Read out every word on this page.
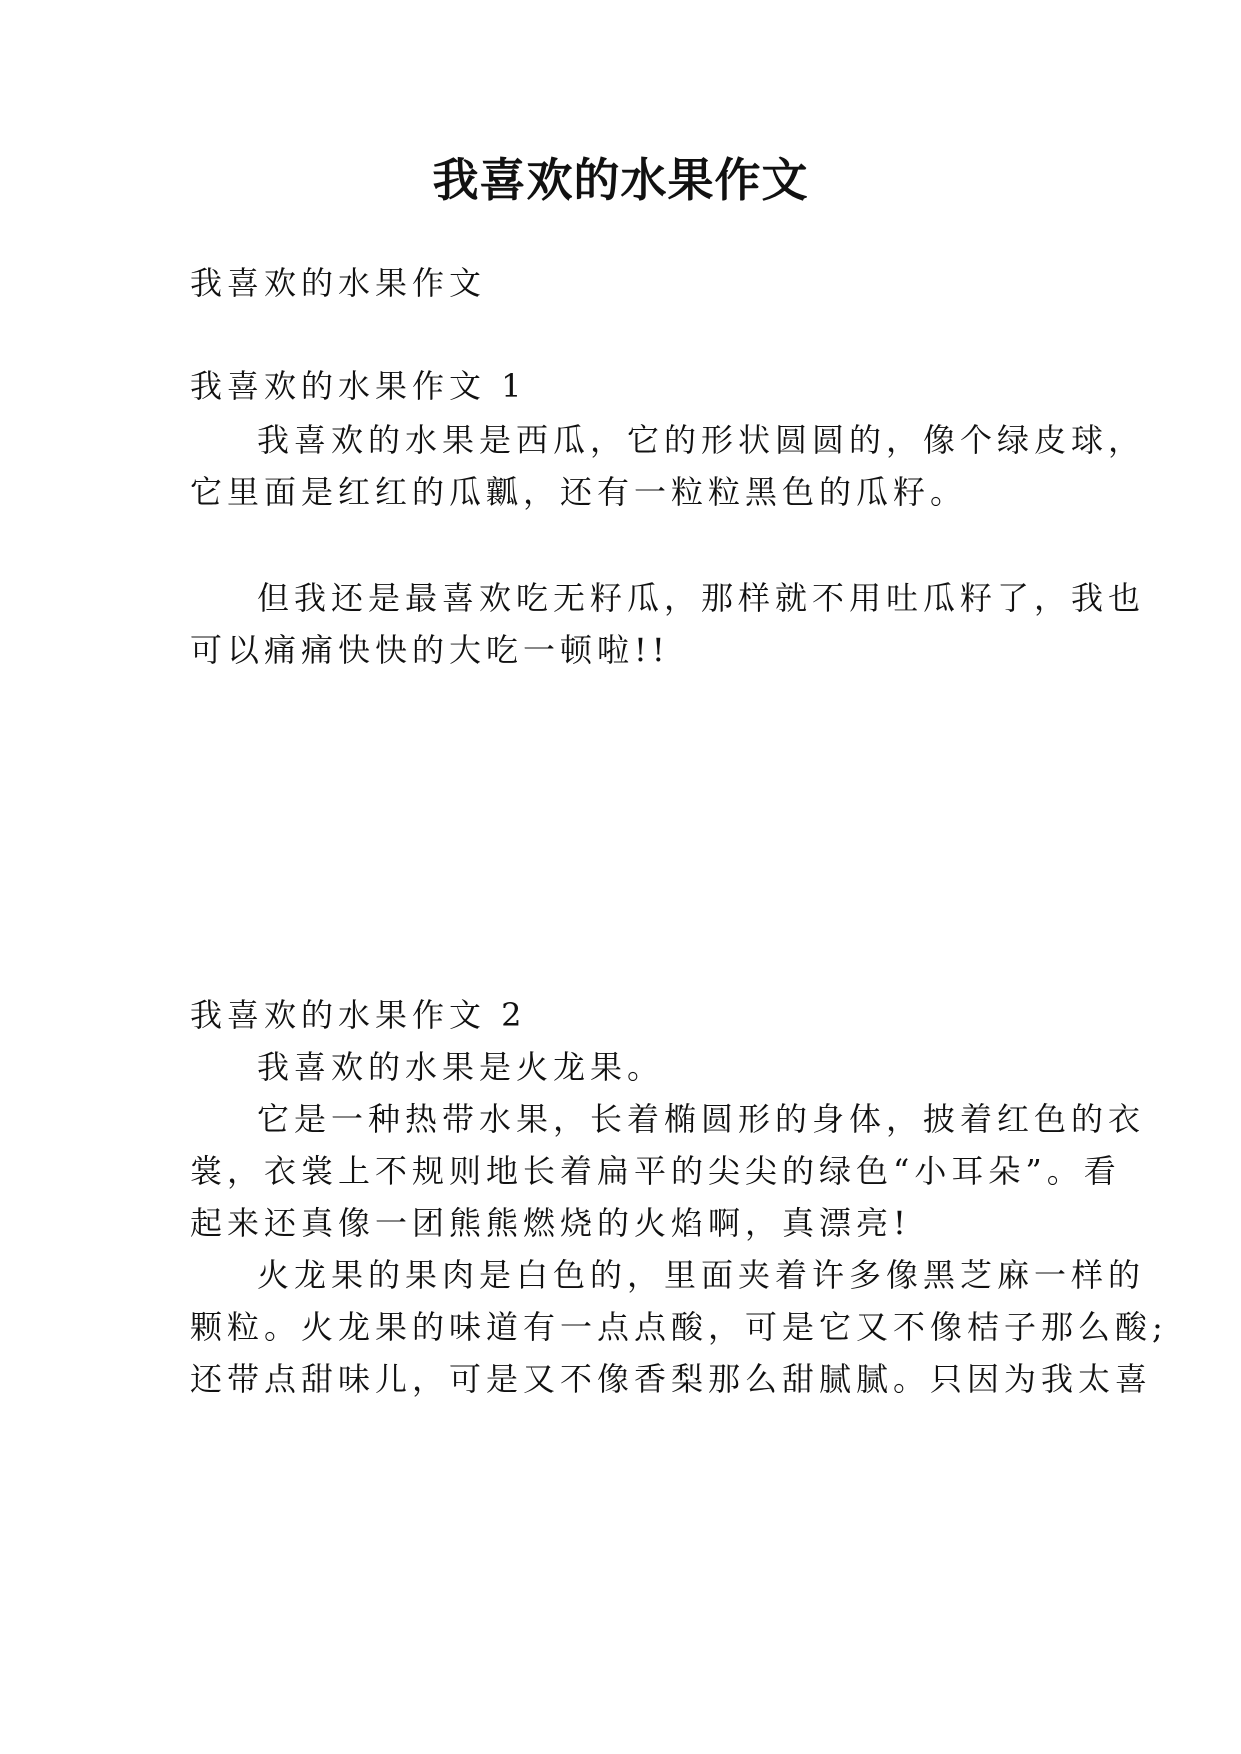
我喜欢的水果作文
我喜欢的水果作文
我喜欢的水果作文 1
我喜欢的水果是西瓜，它的形状圆圆的，像个绿皮球，
它里面是红红的瓜瓤，还有一粒粒黑色的瓜籽。
但我还是最喜欢吃无籽瓜，那样就不用吐瓜籽了，我也
可以痛痛快快的大吃一顿啦!!
我喜欢的水果作文 2
我喜欢的水果是火龙果。
它是一种热带水果，长着椭圆形的身体，披着红色的衣
裳，衣裳上不规则地长着扁平的尖尖的绿色“小耳朵”。看
起来还真像一团熊熊燃烧的火焰啊，真漂亮!
火龙果的果肉是白色的，里面夹着许多像黑芝麻一样的
颗粒。火龙果的味道有一点点酸，可是它又不像桔子那么酸;
还带点甜味儿，可是又不像香梨那么甜腻腻。只因为我太喜
